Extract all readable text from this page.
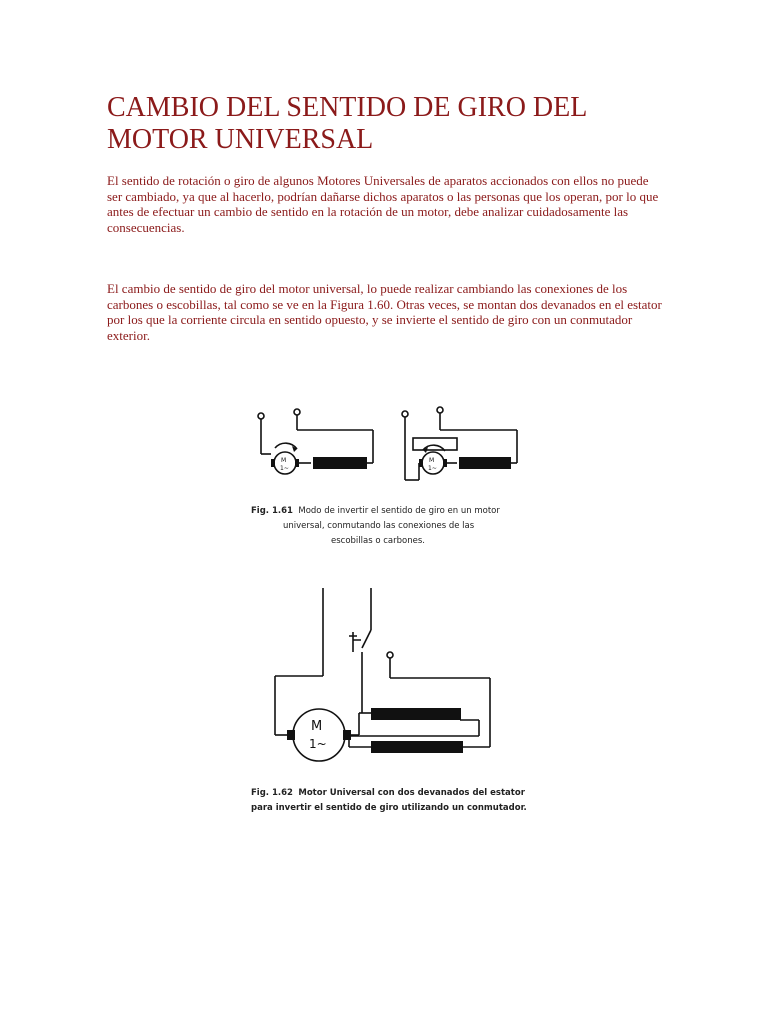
CAMBIO DEL SENTIDO DE GIRO DEL MOTOR UNIVERSAL
El sentido de rotación o giro de algunos Motores Universales de aparatos accionados con ellos no puede
ser cambiado, ya que al hacerlo, podrían dañarse dichos aparatos o las personas que los operan, por lo que
antes de efectuar un cambio de sentido en la rotación de un motor, debe analizar cuidadosamente las consecuencias.
El cambio de sentido de giro del motor universal, lo puede realizar cambiando las conexiones de los
carbones o escobillas, tal como se ve en la Figura 1.60. Otras veces, se montan dos devanados en el estator
por los que la corriente circula en sentido opuesto, y se invierte el sentido de giro con un conmutador exterior.
M
1~
M
1~
Fig. 1.61 Modo de invertir el sentido de giro en un motor
universal, conmutando las conexiones de las
escobillas o carbones.
M
1~
Fig. 1.62 Motor Universal con dos devanados del estator
para invertir el sentido de giro utilizando un conmutador.
